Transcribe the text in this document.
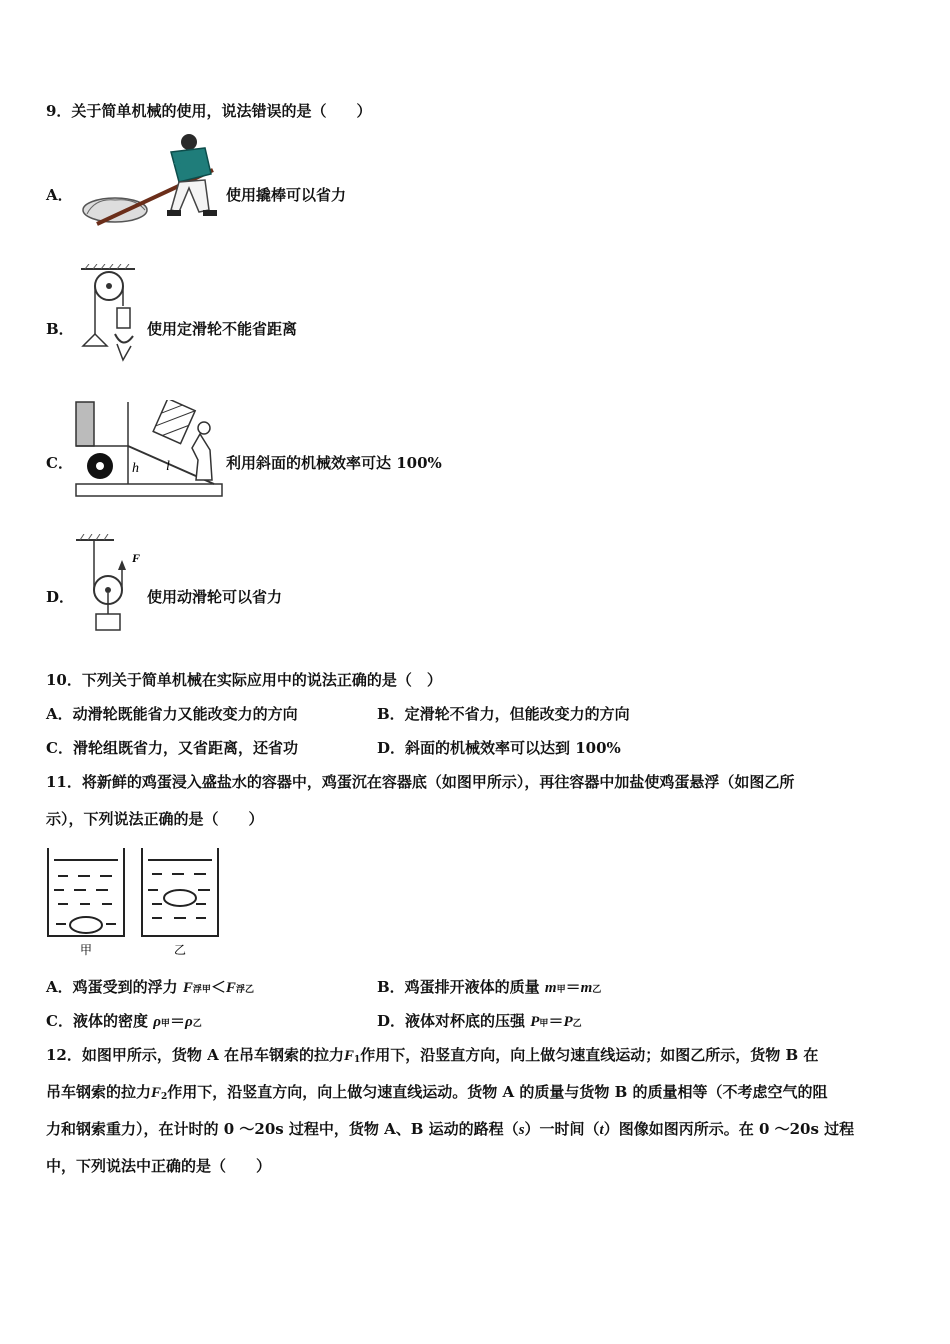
9．关于简单机械的使用，说法错误的是（　　）
A．	使用撬棒可以省力
B．	使用定滑轮不能省距离
h l
C．	利用斜面的机械效率可达 100%
F
D．	使用动滑轮可以省力
10．下列关于简单机械在实际应用中的说法正确的是（　）
A．动滑轮既能省力又能改变力的方向	B．定滑轮不省力，但能改变力的方向
C．滑轮组既省力，又省距离，还省功	D．斜面的机械效率可以达到 100%
11．将新鲜的鸡蛋浸入盛盐水的容器中，鸡蛋沉在容器底（如图甲所示），再往容器中加盐使鸡蛋悬浮（如图乙所
示），下列说法正确的是（　　）
甲	乙
A．鸡蛋受到的浮力 F浮甲＜F浮乙	B．鸡蛋排开液体的质量 m甲＝m乙
C．液体的密度 ρ甲＝ρ乙	D．液体对杯底的压强 P甲＝P乙
12．如图甲所示，货物 A 在吊车钢索的拉力F1作用下，沿竖直方向，向上做匀速直线运动；如图乙所示，货物 B 在
吊车钢索的拉力F2作用下，沿竖直方向，向上做匀速直线运动。货物 A 的质量与货物 B 的质量相等（不考虑空气的阻
力和钢索重力），在计时的 0 ～20s 过程中，货物 A、B 运动的路程（s）一时间（t）图像如图丙所示。在 0 ～20s 过程
中，下列说法中正确的是（　　）
